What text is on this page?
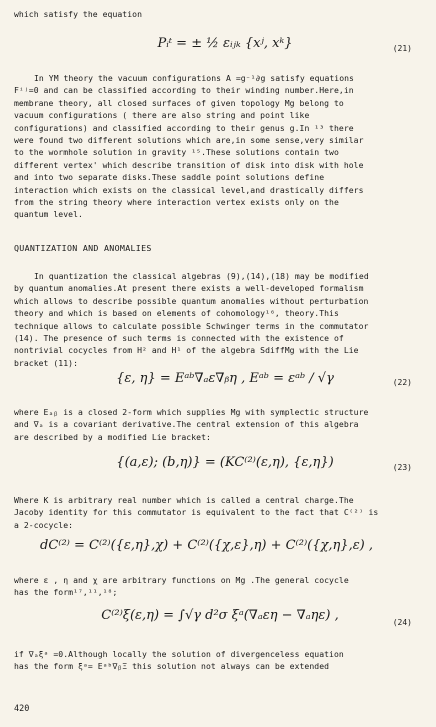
which satisfy the equation
Pᵢᵗ = ± ½ εᵢⱼₖ {xʲ, xᵏ}	(21)
In YM theory the vacuum configurations A =g⁻¹∂g satisfy equations
Fⁱʲ=0 and can be classified according to their winding number.Here,in
membrane theory, all closed surfaces of given topology Mg belong to
vacuum configurations ( there are also string and point like
configurations) and classified according to their genus g.In ¹³ there
were found two different solutions which are,in some sense,very similar
to the wormhole solution in gravity ¹⁵.These solutions contain two
different vertex' which describe transition of disk into disk with hole
and into two separate disks.These saddle point solutions define
interaction which exists on the classical level,and drastically differs
from the string theory where interaction vertex exists only on the
quantum level.
QUANTIZATION AND ANOMALIES
In quantization the classical algebras (9),(14),(18) may be modified
by quantum anomalies.At present there exists a well-developed formalism
which allows to describe possible quantum anomalies without perturbation
theory and which is based on elements of cohomology¹⁶, theory.This
technique allows to calculate possible Schwinger terms in the commutator
(14). The presence of such terms is connected with the existence of
nontrivial cocycles from H² and H¹ of the algebra SdiffMg with the Lie
bracket (11):
{ε, η} = Eᵃᵇ∇ₐε∇ᵦη , Eᵃᵇ = εᵃᵇ / √γ	(22)
where Eₐᵦ is a closed 2-form which supplies Mg with symplectic structure
and ∇ₐ is a covariant derivative.The central extension of this algebra
are described by a modified Lie bracket:
{(a,ε); (b,η)} = (KC⁽²⁾(ε,η), {ε,η})	(23)
Where K is arbitrary real number which is called a central charge.The
Jacoby identity for this commutator is equivalent to the fact that C⁽²⁾ is
a 2-cocycle:
dC⁽²⁾ = C⁽²⁾({ε,η},χ) + C⁽²⁾({χ,ε},η) + C⁽²⁾({χ,η},ε) ,
where ε , η and χ are arbitrary functions on Mg .The general cocycle
has the form¹⁷,¹¹,¹⁸;
C⁽²⁾ξ(ε,η) = ∫√γ d²σ ξᵃ(∇ₐεη − ∇ₐηε) ,	(24)
if ∇ₐξᵃ =0.Although locally the solution of divergenceless equation
has the form ξᵃ= Eᵃᵇ∇ᵦΞ this solution not always can be extended
420
